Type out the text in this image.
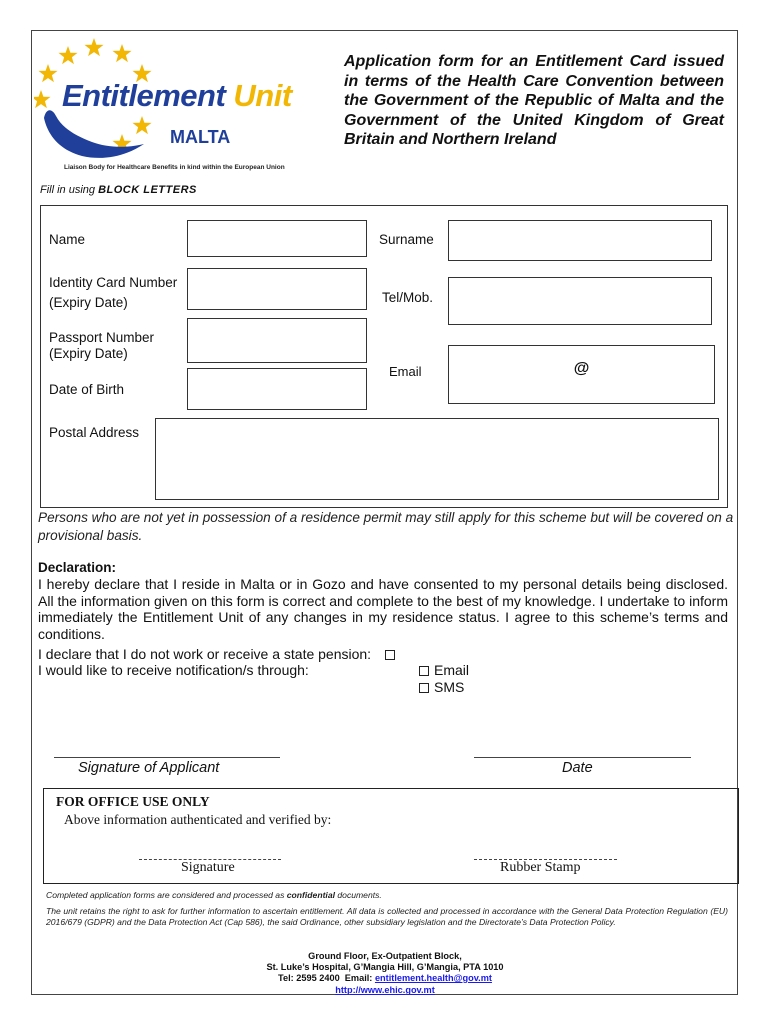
Entitlement Unit
MALTA
Liaison Body for Healthcare Benefits in kind within the European Union
Application form for an Entitlement Card issued in terms of the Health Care Convention between the Government of the Republic of Malta and the Government of the United Kingdom of Great Britain and Northern Ireland
Fill in using BLOCK LETTERS
Name	Surname
Identity Card Number
(Expiry Date)	Tel/Mob.
Passport Number
(Expiry Date)
Email	@
Date of Birth
Postal Address
Persons who are not yet in possession of a residence permit may still apply for this scheme but will be covered on a provisional basis.
Declaration:
I hereby declare that I reside in Malta or in Gozo and have consented to my personal details being disclosed. All the information given on this form is correct and complete to the best of my knowledge. I undertake to inform immediately the Entitlement Unit of any changes in my residence status. I agree to this scheme’s terms and conditions.
I declare that I do not work or receive a state pension:
I would like to receive notification/s through:	Email
SMS
Signature of Applicant	Date
FOR OFFICE USE ONLY
Above information authenticated and verified by:
Signature	Rubber Stamp
Completed application forms are considered and processed as confidential documents.
The unit retains the right to ask for further information to ascertain entitlement. All data is collected and processed in accordance with the General Data Protection Regulation (EU) 2016/679 (GDPR) and the Data Protection Act (Cap 586), the said Ordinance, other subsidiary legislation and the Directorate’s Data Protection Policy.
Ground Floor, Ex-Outpatient Block,
St. Luke’s Hospital, G’Mangia Hill, G’Mangia, PTA 1010
Tel: 2595 2400 Email: entitlement.health@gov.mt
http://www.ehic.gov.mt
